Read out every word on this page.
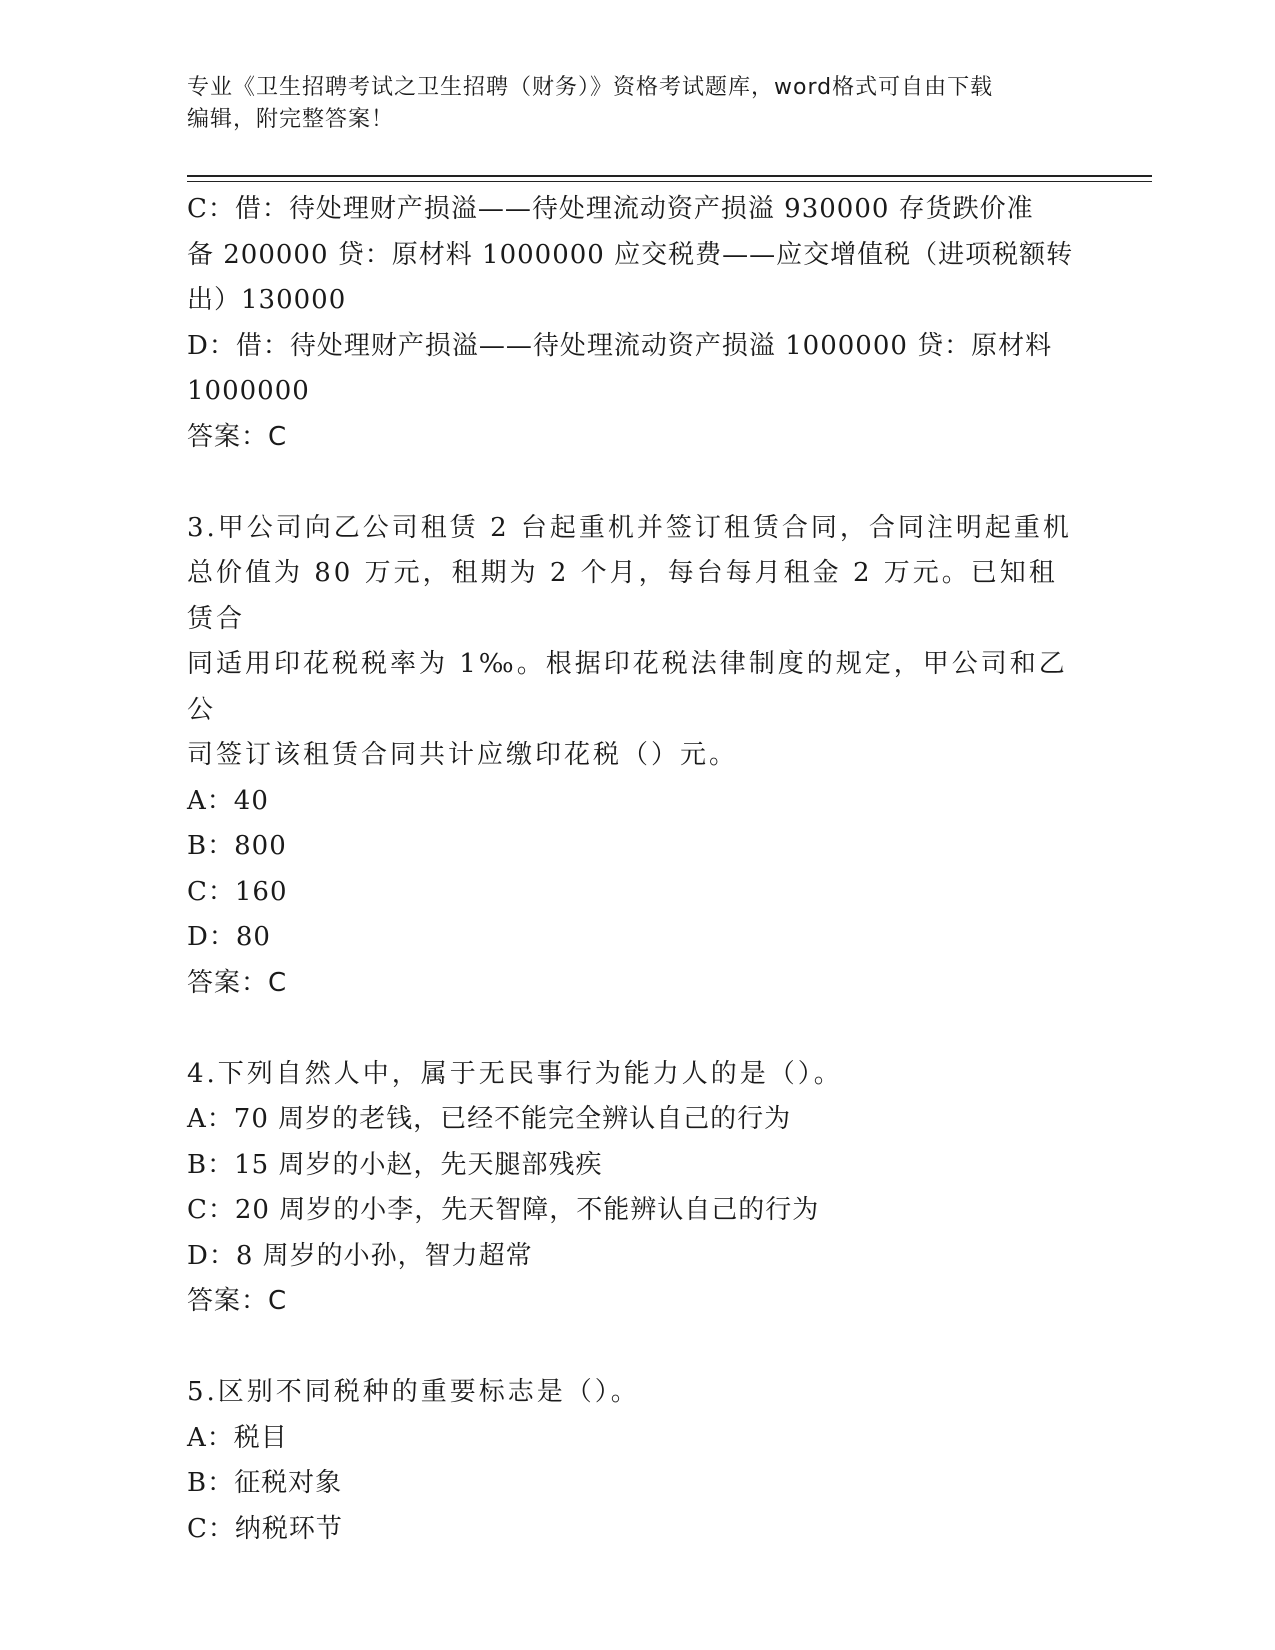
专业《卫生招聘考试之卫生招聘（财务）》资格考试题库，word格式可自由下载
编辑，附完整答案！
C：借：待处理财产损溢——待处理流动资产损溢 930000 存货跌价准
备 200000 贷：原材料 1000000 应交税费——应交增值税（进项税额转
出）130000
D：借：待处理财产损溢——待处理流动资产损溢 1000000 贷：原材料
1000000
答案：C
3.甲公司向乙公司租赁 2 台起重机并签订租赁合同，合同注明起重机
总价值为 80 万元，租期为 2 个月，每台每月租金 2 万元。已知租赁合
同适用印花税税率为 1‰。根据印花税法律制度的规定，甲公司和乙公
司签订该租赁合同共计应缴印花税（）元。
A：40
B：800
C：160
D：80
答案：C
4.下列自然人中，属于无民事行为能力人的是（）。
A：70 周岁的老钱，已经不能完全辨认自己的行为
B：15 周岁的小赵，先天腿部残疾
C：20 周岁的小李，先天智障，不能辨认自己的行为
D：8 周岁的小孙，智力超常
答案：C
5.区别不同税种的重要标志是（）。
A：税目
B：征税对象
C：纳税环节
